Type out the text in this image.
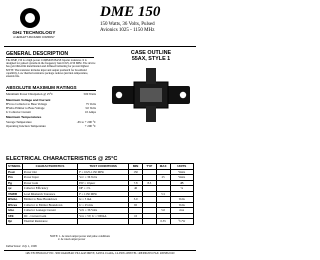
GHz TECHNOLOGY
A HEWLETT-PACKARD COMPANY
DME 150
150 Watts, 36 Volts, Pulsed
Avionics 1025 - 1150 MHz
GENERAL DESCRIPTION
The DME 150 is a high power COMMON BASE bipolar transistor. It is designed for pulsed systems in the frequency band 1025-1150 MHz. The device has gold thin-film metallization and diffused ballasting for proven highest MTTF. The transistor includes input and output prematch for broadband capability. Low thermal resistance package reduces junction temperature, extends life.
CASE OUTLINE
55AX, STYLE 1
ABSOLUTE MAXIMUM RATINGS
Maximum Power Dissipation @ 25°C	500 Watts
Maximum Voltage and Current
BVceo Collector to Base Voltage	75 Volts
BVebo Emitter to Base Voltage	3.0 Volts
Ic Collector Current	10 Amps
Maximum Temperatures
Storage Temperature	-65 to + 200 °C
Operating Junction Temperature	+ 200 °C
ELECTRICAL CHARACTERISTICS @ 25°C
SYMBOL	CHARACTERISTICS	TEST CONDITIONS	MIN	TYP	MAX	UNITS
Pout	Power Out	F = 1025-1150 MHz	150			Watts
Pin	Power Input	Vcc = 36 Volts			25	Watts
Pg	Power Gain	PW = 10μsec	7.8	8.5		dB
ηc	Collector Efficiency	DF = 1%	40			%
VSWR	Load Mismatch Tolerance	F = 1150 MHz			5:1	
BVebo	Emitter to Base Breakdown	Ie = 5 mA	3.0			Volts
BVces	Collector to Emitter Breakdown	Ic = 25 mA	65			Volts
Icbo	Collector Leakage Current	Vcb = 36 Volts			5.0	mA
hFE	DC - Current Gain	Vce = 5V, Ic = 500mA	10			
θjc	Thermal Resistance				0.35	°C/W
NOTE: 1. At rated output power and pulse conditions
2. At rated output power
Initial Issue: July 1, 1996
GHz TECHNOLOGY INC. 3000 OAKMEAD VILLAGE DRIVE, SANTA CLARA, CA 95051-0808 TEL: 408/986-8031 FAX: 408/986-8120
